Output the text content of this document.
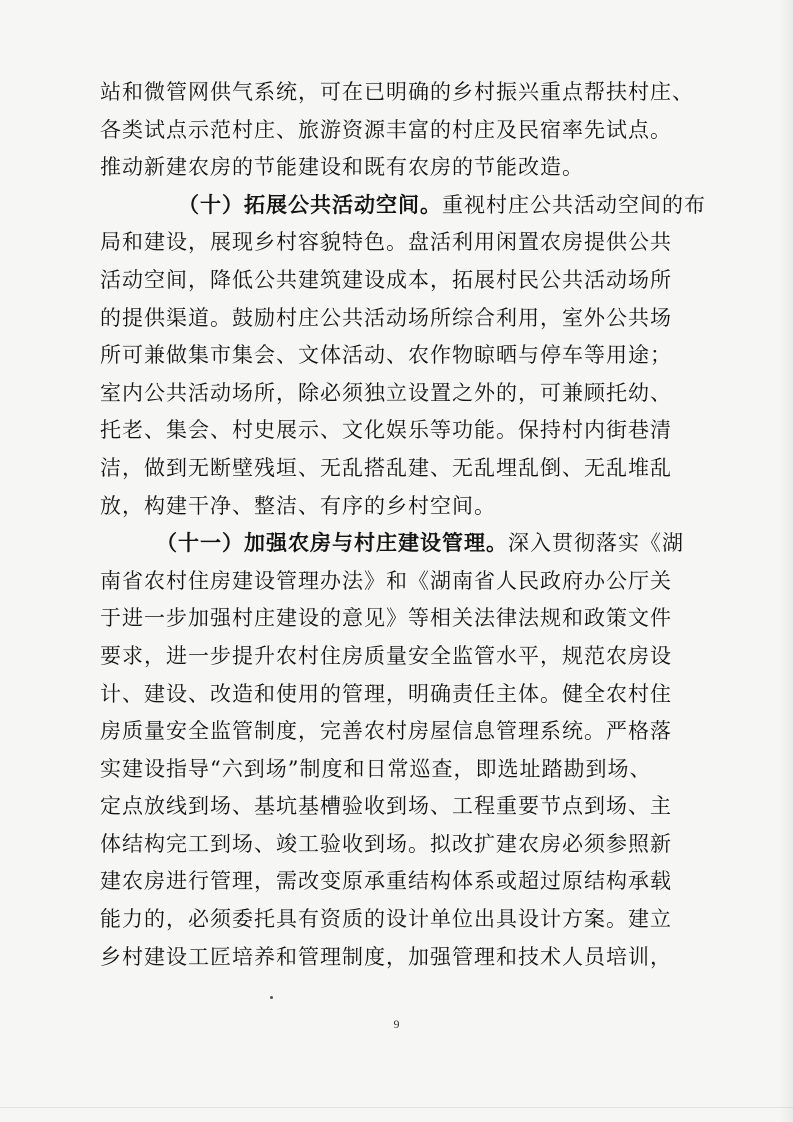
站和微管网供气系统，可在已明确的乡村振兴重点帮扶村庄、
各类试点示范村庄、旅游资源丰富的村庄及民宿率先试点。
推动新建农房的节能建设和既有农房的节能改造。
（十）拓展公共活动空间。重视村庄公共活动空间的布
局和建设，展现乡村容貌特色。盘活利用闲置农房提供公共
活动空间，降低公共建筑建设成本，拓展村民公共活动场所
的提供渠道。鼓励村庄公共活动场所综合利用，室外公共场
所可兼做集市集会、文体活动、农作物晾晒与停车等用途；
室内公共活动场所，除必须独立设置之外的，可兼顾托幼、
托老、集会、村史展示、文化娱乐等功能。保持村内街巷清
洁，做到无断壁残垣、无乱搭乱建、无乱埋乱倒、无乱堆乱
放，构建干净、整洁、有序的乡村空间。
（十一）加强农房与村庄建设管理。深入贯彻落实《湖
南省农村住房建设管理办法》和《湖南省人民政府办公厅关
于进一步加强村庄建设的意见》等相关法律法规和政策文件
要求，进一步提升农村住房质量安全监管水平，规范农房设
计、建设、改造和使用的管理，明确责任主体。健全农村住
房质量安全监管制度，完善农村房屋信息管理系统。严格落
实建设指导“六到场”制度和日常巡查，即选址踏勘到场、
定点放线到场、基坑基槽验收到场、工程重要节点到场、主
体结构完工到场、竣工验收到场。拟改扩建农房必须参照新
建农房进行管理，需改变原承重结构体系或超过原结构承载
能力的，必须委托具有资质的设计单位出具设计方案。建立
乡村建设工匠培养和管理制度，加强管理和技术人员培训，
9
